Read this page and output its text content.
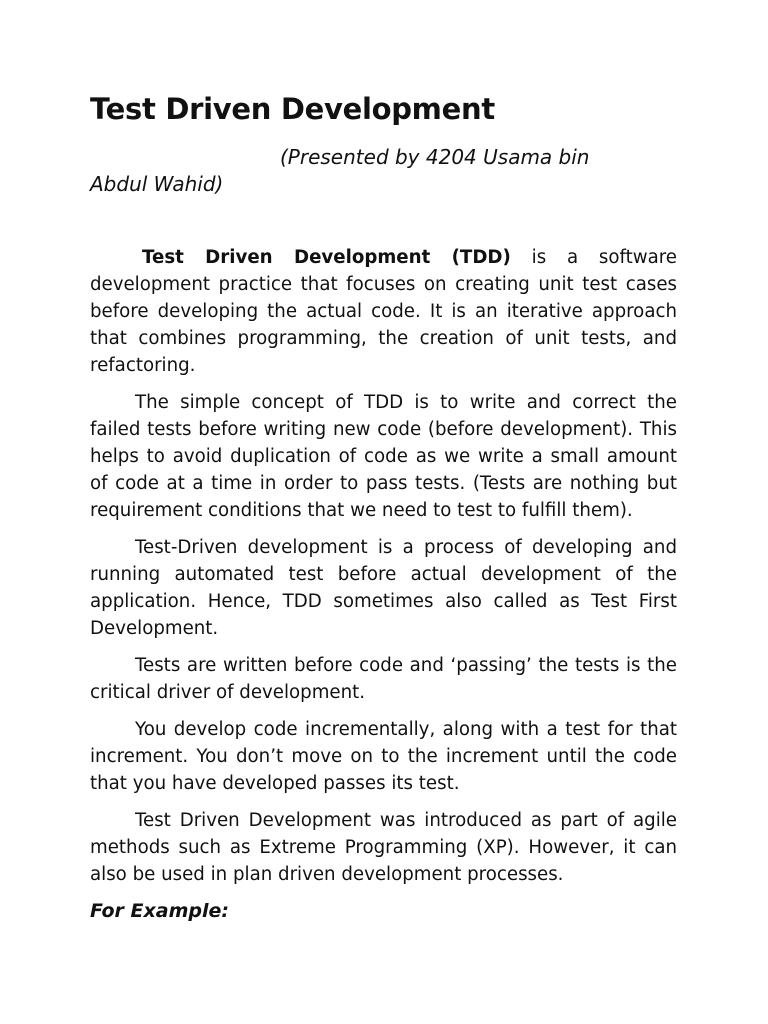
Test Driven Development

(Presented by 4204 Usama bin Abdul Wahid)

Test Driven Development (TDD) is a software development practice that focuses on creating unit test cases before developing the actual code. It is an iterative approach that combines programming, the creation of unit tests, and refactoring.

The simple concept of TDD is to write and correct the failed tests before writing new code (before development). This helps to avoid duplication of code as we write a small amount of code at a time in order to pass tests. (Tests are nothing but requirement conditions that we need to test to fulfill them).

Test-Driven development is a process of developing and running automated test before actual development of the application. Hence, TDD sometimes also called as Test First Development.

Tests are written before code and ‘passing’ the tests is the critical driver of development.

You develop code incrementally, along with a test for that increment. You don’t move on to the increment until the code that you have developed passes its test.

Test Driven Development was introduced as part of agile methods such as Extreme Programming (XP). However, it can also be used in plan driven development processes.

For Example:
